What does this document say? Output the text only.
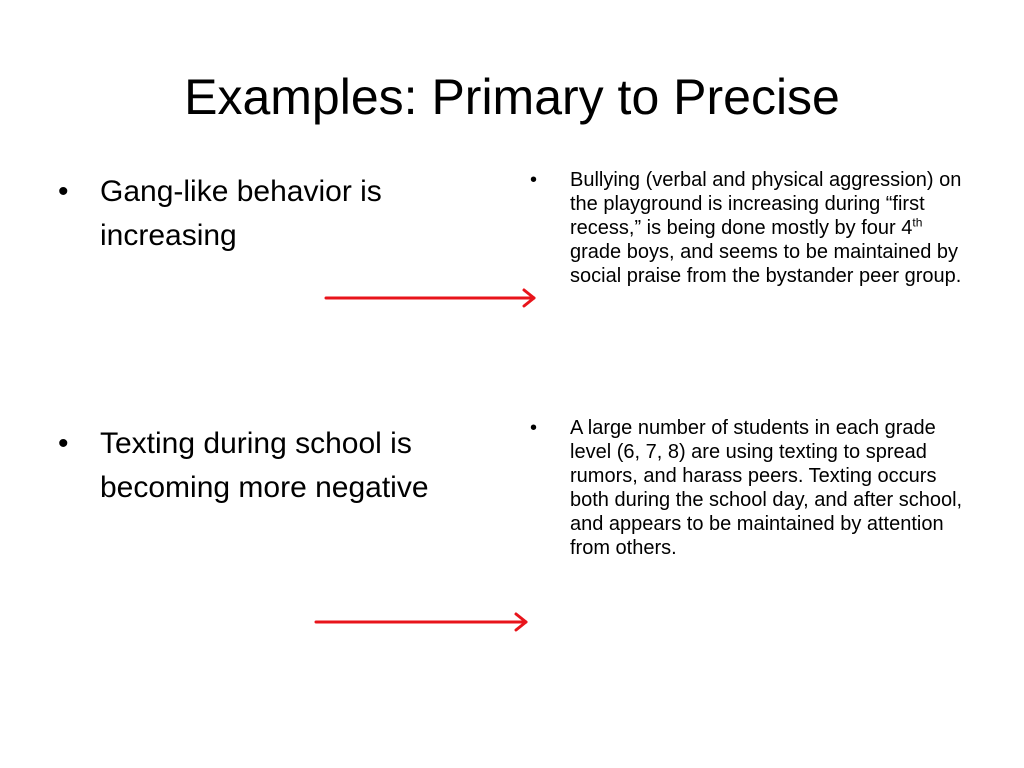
Examples: Primary to Precise
•	Gang-like behavior is increasing
•	Texting during school is becoming more negative
•	Bullying (verbal and physical aggression) on the playground is increasing during “first recess,” is being done mostly by four 4th grade boys, and seems to be maintained by social praise from the bystander peer group.
•	A large number of students in each grade level (6, 7, 8) are using texting to spread rumors, and harass peers. Texting occurs both during the school day, and after school, and appears to be maintained by attention from others.
